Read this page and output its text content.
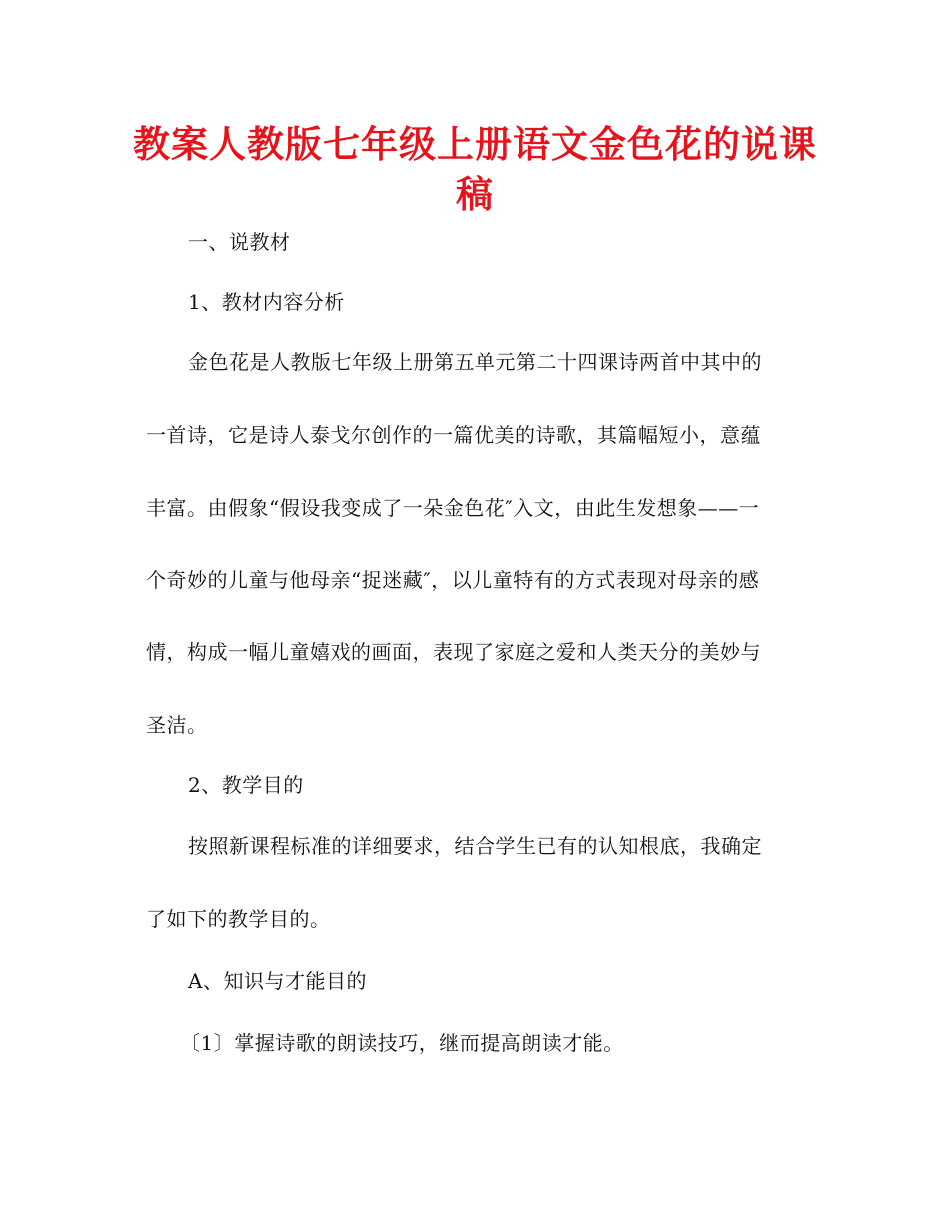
教案人教版七年级上册语文金色花的说课稿
一、说教材
1、教材内容分析
金色花是人教版七年级上册第五单元第二十四课诗两首中其中的
一首诗，它是诗人泰戈尔创作的一篇优美的诗歌，其篇幅短小，意蕴
丰富。由假象“假设我变成了一朵金色花″入文，由此生发想象——一
个奇妙的儿童与他母亲“捉迷藏″，以儿童特有的方式表现对母亲的感
情，构成一幅儿童嬉戏的画面，表现了家庭之爱和人类天分的美妙与
圣洁。
2、教学目的
按照新课程标准的详细要求，结合学生已有的认知根底，我确定
了如下的教学目的。
A、知识与才能目的
〔1〕掌握诗歌的朗读技巧，继而提高朗读才能。
